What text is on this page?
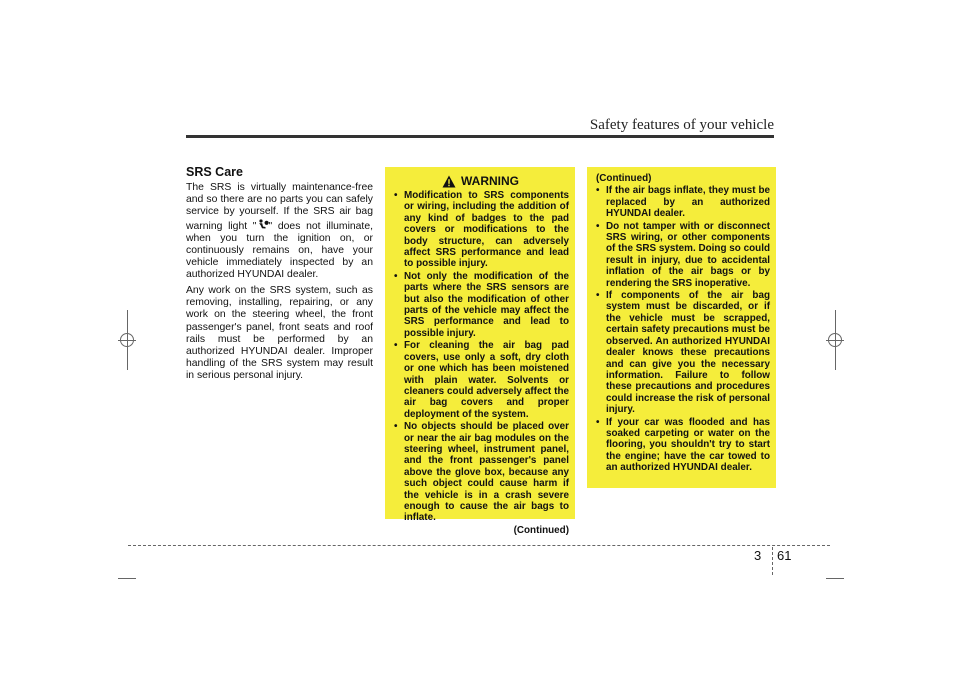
Safety features of your vehicle
SRS Care

The SRS is virtually maintenance-free and so there are no parts you can safely service by yourself. If the SRS air bag warning light " " does not illuminate, when you turn the ignition on, or continuously remains on, have your vehicle immediately inspected by an authorized HYUNDAI dealer.

Any work on the SRS system, such as removing, installing, repairing, or any work on the steering wheel, the front passenger's panel, front seats and roof rails must be performed by an authorized HYUNDAI dealer. Improper handling of the SRS system may result in serious personal injury.

WARNING
• Modification to SRS components or wiring, including the addition of any kind of badges to the pad covers or modifications to the body structure, can adversely affect SRS performance and lead to possible injury.
• Not only the modification of the parts where the SRS sensors are but also the modification of other parts of the vehicle may affect the SRS performance and lead to possible injury.
• For cleaning the air bag pad covers, use only a soft, dry cloth or one which has been moistened with plain water. Solvents or cleaners could adversely affect the air bag covers and proper deployment of the system.
• No objects should be placed over or near the air bag modules on the steering wheel, instrument panel, and the front passenger's panel above the glove box, because any such object could cause harm if the vehicle is in a crash severe enough to cause the air bags to inflate.
(Continued)
(Continued)
• If the air bags inflate, they must be replaced by an authorized HYUNDAI dealer.
• Do not tamper with or disconnect SRS wiring, or other components of the SRS system. Doing so could result in injury, due to accidental inflation of the air bags or by rendering the SRS inoperative.
• If components of the air bag system must be discarded, or if the vehicle must be scrapped, certain safety precautions must be observed. An authorized HYUNDAI dealer knows these precautions and can give you the necessary information. Failure to follow these precautions and procedures could increase the risk of personal injury.
• If your car was flooded and has soaked carpeting or water on the flooring, you shouldn't try to start the engine; have the car towed to an authorized HYUNDAI dealer.
3 61
